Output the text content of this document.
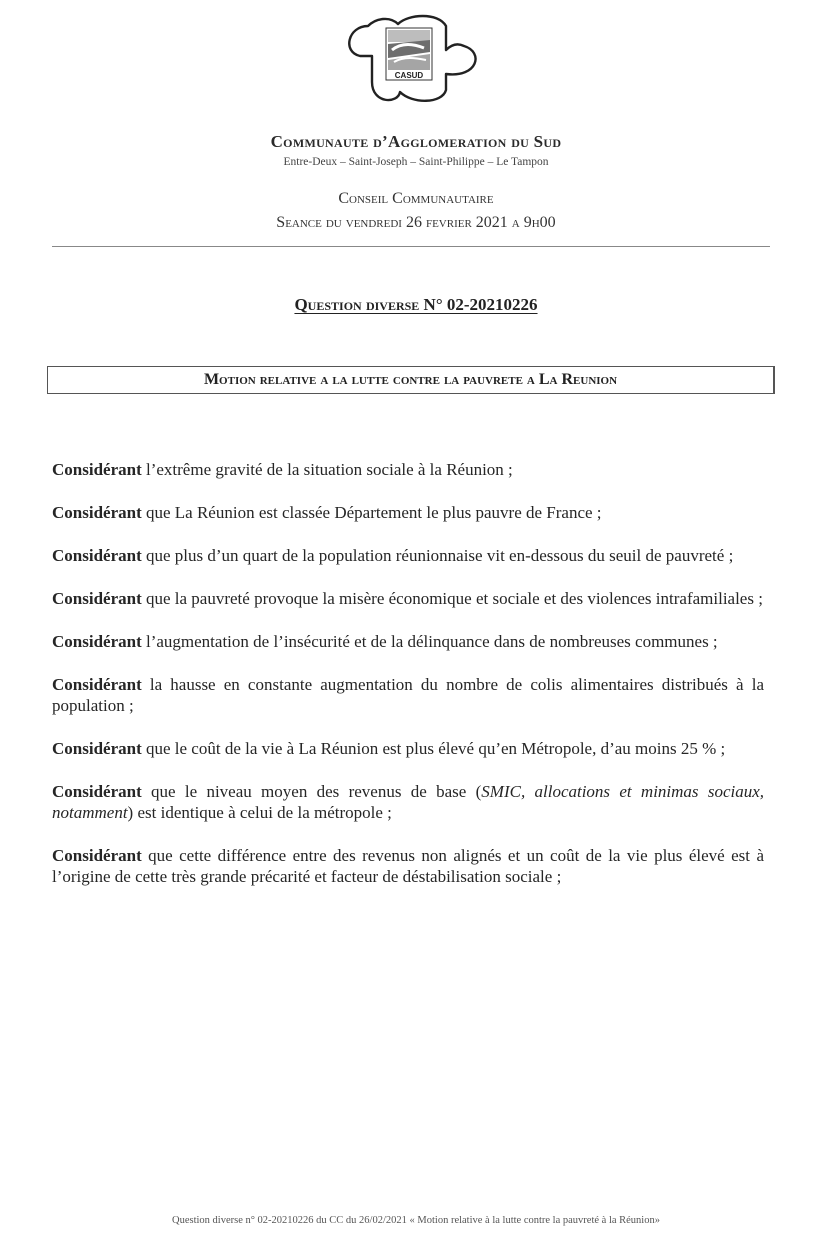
CASUD
Communaute d’Agglomeration du Sud
Entre-Deux – Saint-Joseph – Saint-Philippe – Le Tampon
Conseil Communautaire
Seance du vendredi 26 fevrier 2021 a 9h00
Question diverse N° 02-20210226
Motion relative a la lutte contre la pauvrete a La Reunion

Considérant l’extrême gravité de la situation sociale à la Réunion ;

Considérant que La Réunion est classée Département le plus pauvre de France ;

Considérant que plus d’un quart de la population réunionnaise vit en-dessous du seuil de pauvreté ;

Considérant que la pauvreté provoque la misère économique et sociale et des violences intrafamiliales ;

Considérant l’augmentation de l’insécurité et de la délinquance dans de nombreuses communes ;

Considérant la hausse en constante augmentation du nombre de colis alimentaires distribués à la population ;

Considérant que le coût de la vie à La Réunion est plus élevé qu’en Métropole, d’au moins 25 % ;

Considérant que le niveau moyen des revenus de base (SMIC, allocations et minimas sociaux, notamment) est identique à celui de la métropole ;

Considérant que cette différence entre des revenus non alignés et un coût de la vie plus élevé est à l’origine de cette très grande précarité et facteur de déstabilisation sociale ;

Question diverse n° 02-20210226 du CC du 26/02/2021 « Motion relative à la lutte contre la pauvreté à la Réunion»
